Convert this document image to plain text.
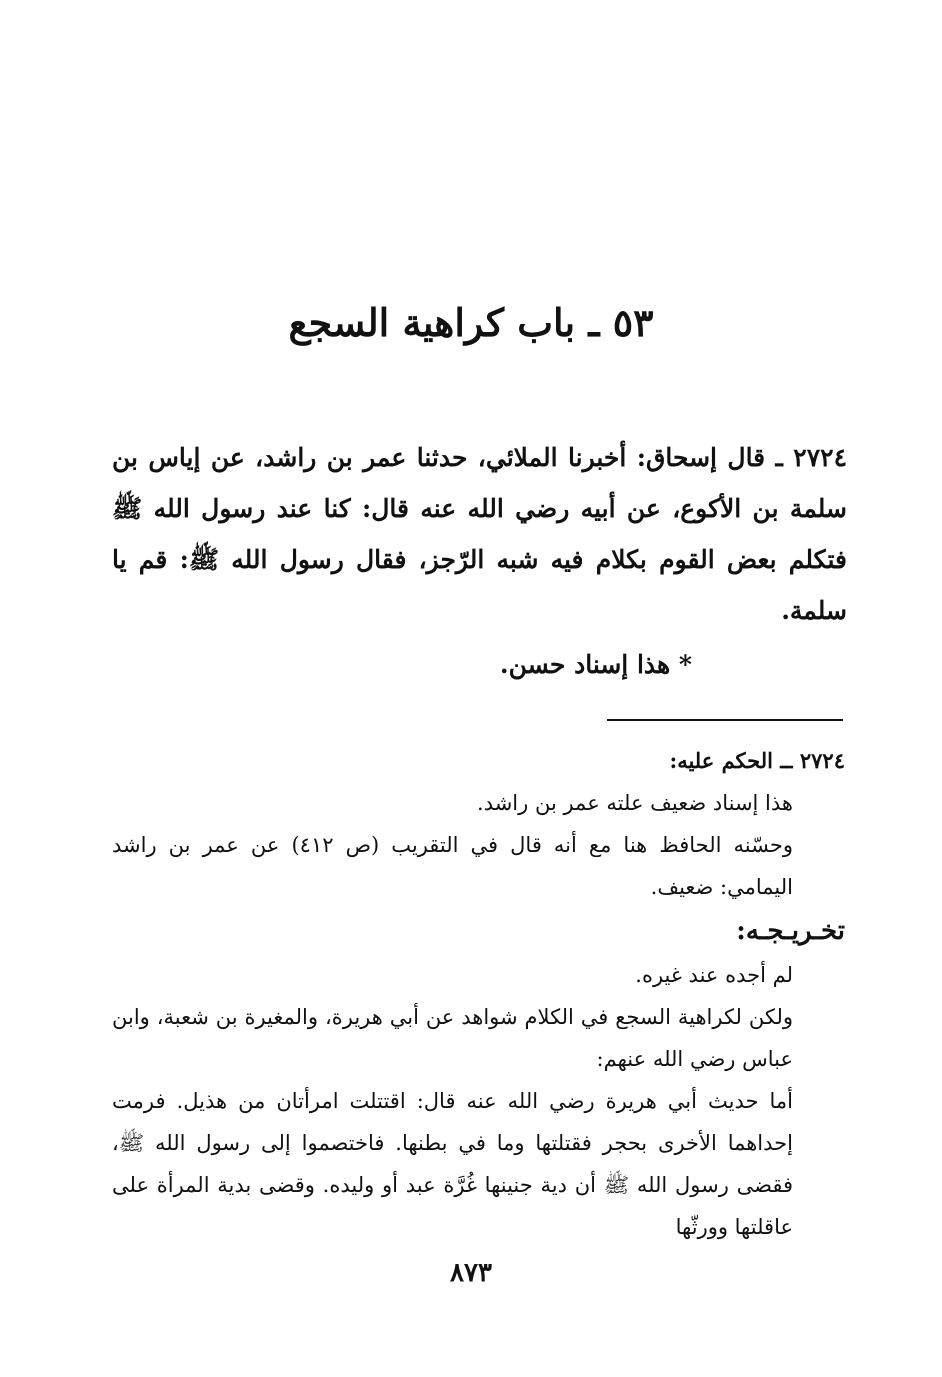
٥٣ ـ باب كراهية السجع

٢٧٢٤ ـ قال إسحاق: أخبرنا الملائي، حدثنا عمر بن راشد، عن إياس بن سلمة بن الأكوع، عن أبيه رضي الله عنه قال: كنا عند رسول الله ﷺ فتكلم بعض القوم بكلام فيه شبه الرّجز، فقال رسول الله ﷺ: قم يا سلمة.

* هذا إسناد حسن.

٢٧٢٤ ــ الحكم عليه:

هذا إسناد ضعيف علته عمر بن راشد.

وحسّنه الحافظ هنا مع أنه قال في التقريب (ص ٤١٢) عن عمر بن راشد اليمامي: ضعيف.

تخـريـجـه:

لم أجده عند غيره.

ولكن لكراهية السجع في الكلام شواهد عن أبي هريرة، والمغيرة بن شعبة، وابن عباس رضي الله عنهم:

أما حديث أبي هريرة رضي الله عنه قال: اقتتلت امرأتان من هذيل. فرمت إحداهما الأخرى بحجر فقتلتها وما في بطنها. فاختصموا إلى رسول الله ﷺ، فقضى رسول الله ﷺ أن دية جنينها غُرَّة عبد أو وليده. وقضى بدية المرأة على عاقلتها وورثّها

٨٧٣
